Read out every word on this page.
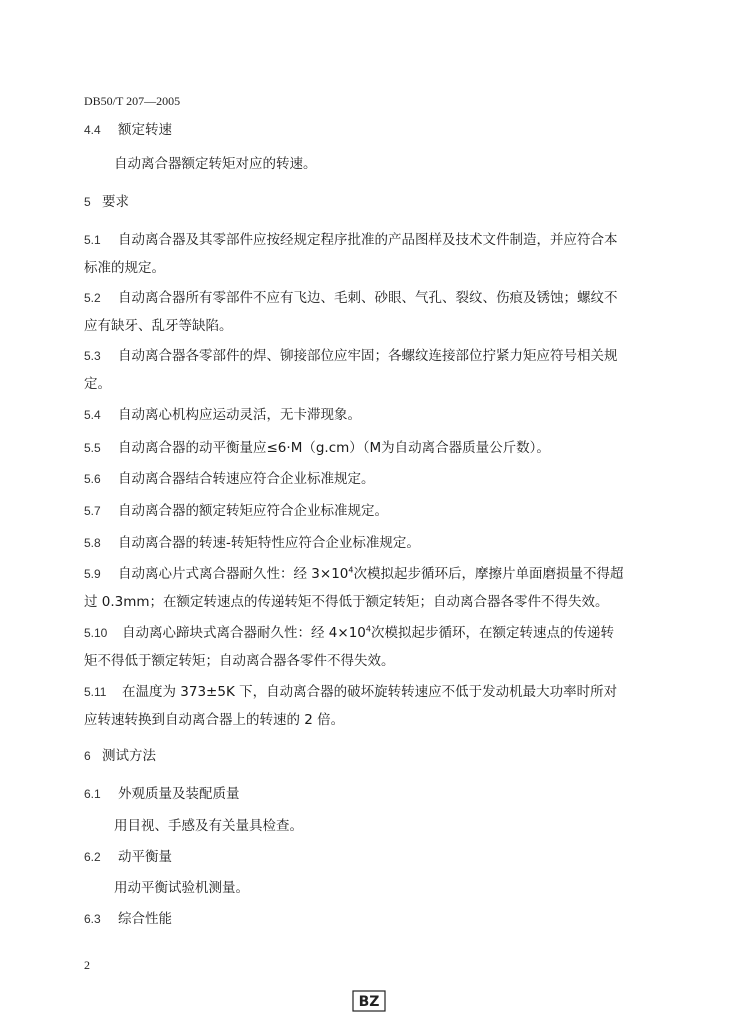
DB50/T 207—2005
4.4 额定转速
自动离合器额定转矩对应的转速。
5 要求
5.1 自动离合器及其零部件应按经规定程序批准的产品图样及技术文件制造，并应符合本
标准的规定。
5.2 自动离合器所有零部件不应有飞边、毛刺、砂眼、气孔、裂纹、伤痕及锈蚀；螺纹不
应有缺牙、乱牙等缺陷。
5.3 自动离合器各零部件的焊、铆接部位应牢固；各螺纹连接部位拧紧力矩应符号相关规
定。
5.4 自动离心机构应运动灵活，无卡滞现象。
5.5 自动离合器的动平衡量应≤6·M（g.cm）（M为自动离合器质量公斤数）。
5.6 自动离合器结合转速应符合企业标准规定。
5.7 自动离合器的额定转矩应符合企业标准规定。
5.8 自动离合器的转速-转矩特性应符合企业标准规定。
5.9 自动离心片式离合器耐久性：经 $3\times 10^4$次模拟起步循环后，摩擦片单面磨损量不得超
过 0.3mm；在额定转速点的传递转矩不得低于额定转矩；自动离合器各零件不得失效。
5.10 自动离心蹄块式离合器耐久性：经 $4\times 10^4$次模拟起步循环，在额定转速点的传递转
矩不得低于额定转矩；自动离合器各零件不得失效。
5.11 在温度为 373±5K 下，自动离合器的破坏旋转转速应不低于发动机最大功率时所对
应转速转换到自动离合器上的转速的 2 倍。
6 测试方法
6.1 外观质量及装配质量
用目视、手感及有关量具检查。
6.2 动平衡量
用动平衡试验机测量。
6.3 综合性能
2
BZ
